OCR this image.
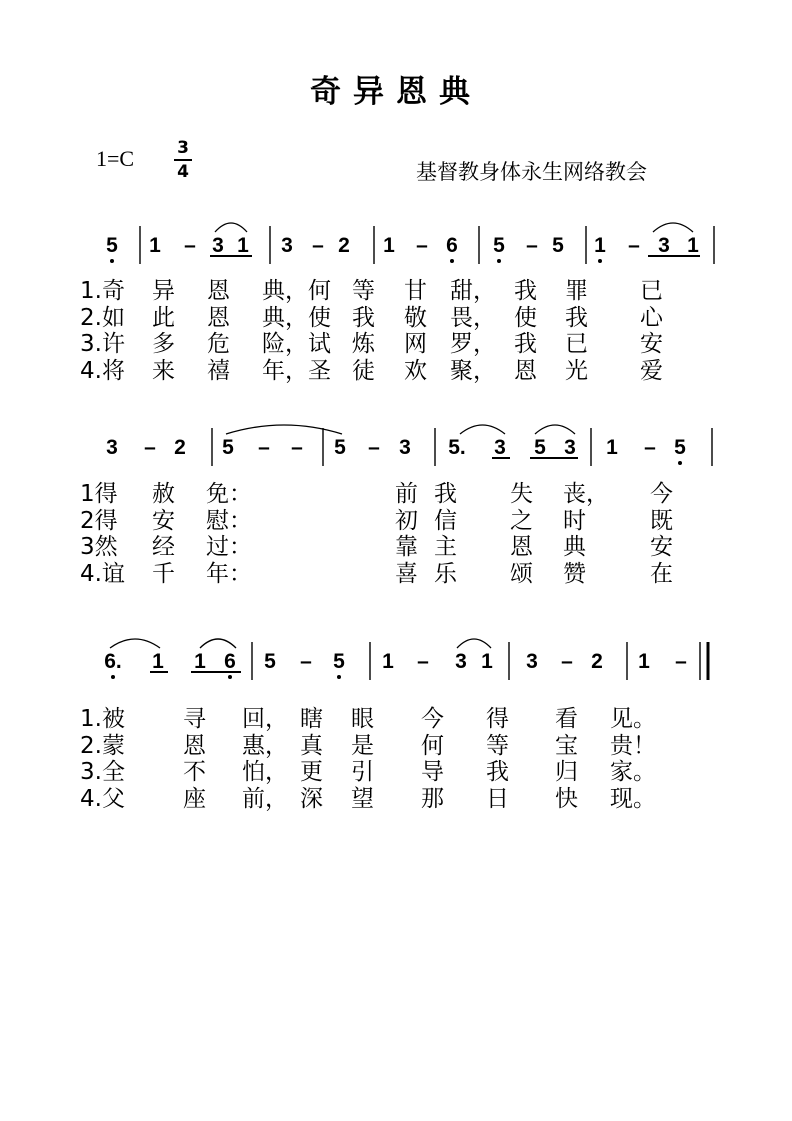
奇异恩典
1=C	3
4	基督教身体永生网络教会
5 1 – 3 1 3 – 2 1 – 6 5 – 5 1 – 3 1
3 – 2 5 – – 5 – 3 5. 3 5 3 1 – 5
6. 1 1 6 5 – 5 1 – 3 1 3 – 2 1 –
1.奇 异 恩 典， 何 等 甘 甜， 我 罪 已
2.如 此 恩 典， 使 我 敬 畏， 使 我 心
3.许 多 危 险， 试 炼 网 罗， 我 已 安
4.将 来 禧 年， 圣 徒 欢 聚， 恩 光 爱
1得 赦 免：	前 我 失 丧， 今
2得 安 慰：	初 信 之 时	既
3然 经 过：	靠 主 恩 典	安
4.谊 千 年：	喜 乐 颂 赞	在
1.被	寻 回， 瞎 眼 今 得 看 见。
2.蒙	恩 惠， 真 是 何 等 宝 贵！
3.全	不 怕， 更 引 导 我 归 家。
4.父	座 前， 深 望 那 日 快 现。
